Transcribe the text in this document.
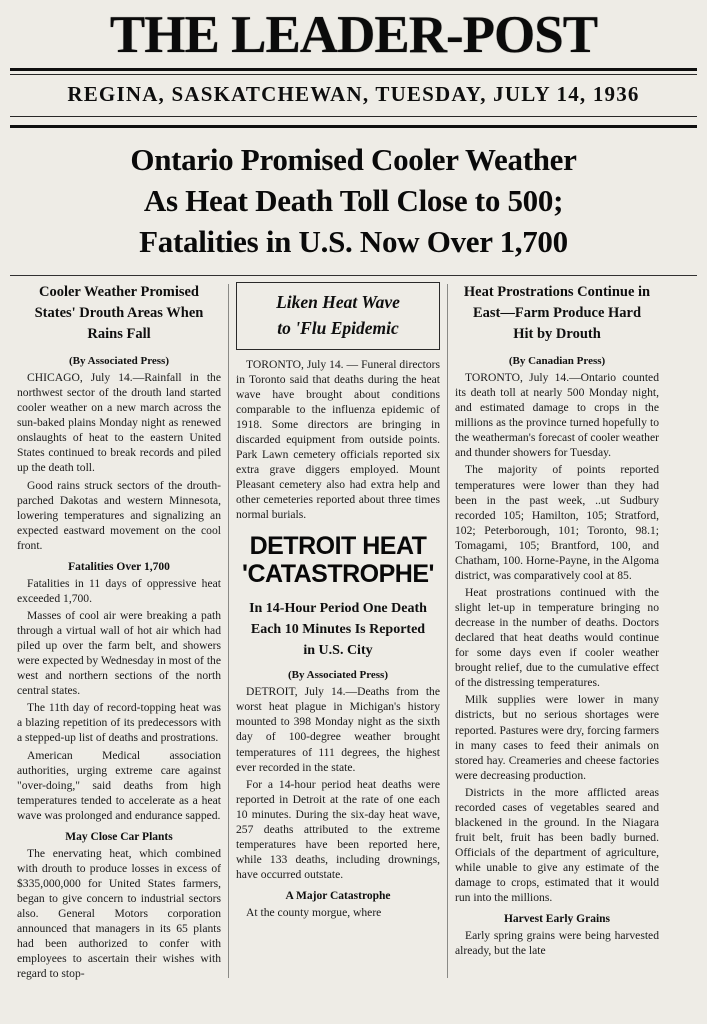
THE LEADER-POST
REGINA, SASKATCHEWAN, TUESDAY, JULY 14, 1936
Ontario Promised Cooler Weather
As Heat Death Toll Close to 500;
Fatalities in U.S. Now Over 1,700
Cooler Weather Promised
States' Drouth Areas When
Rains Fall
(By Associated Press)

CHICAGO, July 14.—Rainfall in the northwest sector of the drouth land started cooler weather on a new march across the sun-baked plains Monday night as renewed onslaughts of heat to the eastern United States continued to break records and piled up the death toll.

Good rains struck sectors of the drouth-parched Dakotas and western Minnesota, lowering temperatures and signalizing an expected eastward movement on the cool front.

Fatalities Over 1,700

Fatalities in 11 days of oppressive heat exceeded 1,700.

Masses of cool air were breaking a path through a virtual wall of hot air which had piled up over the farm belt, and showers were expected by Wednesday in most of the west and northern sections of the north central states.

The 11th day of record-topping heat was a blazing repetition of its predecessors with a stepped-up list of deaths and prostrations.

American Medical association authorities, urging extreme care against "over-doing," said deaths from high temperatures tended to accelerate as a heat wave was prolonged and endurance sapped.

May Close Car Plants

The enervating heat, which combined with drouth to produce losses in excess of $335,000,000 for United States farmers, began to give concern to industrial sectors also. General Motors corporation announced that managers in its 65 plants had been authorized to confer with employees to ascertain their wishes with regard to stop-

Liken Heat Wave
to 'Flu Epidemic

TORONTO, July 14. — Funeral directors in Toronto said that deaths during the heat wave have brought about conditions comparable to the influenza epidemic of 1918. Some directors are bringing in discarded equipment from outside points. Park Lawn cemetery officials reported six extra grave diggers employed. Mount Pleasant cemetery also had extra help and other cemeteries reported about three times normal burials.

DETROIT HEAT
'CATASTROPHE'
In 14-Hour Period One Death
Each 10 Minutes Is Reported
in U.S. City
(By Associated Press)

DETROIT, July 14.—Deaths from the worst heat plague in Michigan's history mounted to 398 Monday night as the sixth day of 100-degree weather brought temperatures of 111 degrees, the highest ever recorded in the state.

For a 14-hour period heat deaths were reported in Detroit at the rate of one each 10 minutes. During the six-day heat wave, 257 deaths attributed to the extreme temperatures have been reported here, while 133 deaths, including drownings, have occurred outstate.

A Major Catastrophe

At the county morgue, where

Heat Prostrations Continue in
East—Farm Produce Hard
Hit by Drouth
(By Canadian Press)

TORONTO, July 14.—Ontario counted its death toll at nearly 500 Monday night, and estimated damage to crops in the millions as the province turned hopefully to the weatherman's forecast of cooler weather and thunder showers for Tuesday.

The majority of points reported temperatures were lower than they had been in the past week, ..ut Sudbury recorded 105; Hamilton, 105; Stratford, 102; Peterborough, 101; Toronto, 98.1; Tomagami, 105; Brantford, 100, and Chatham, 100. Horne-Payne, in the Algoma district, was comparatively cool at 85.

Heat prostrations continued with the slight let-up in temperature bringing no decrease in the number of deaths. Doctors declared that heat deaths would continue for some days even if cooler weather brought relief, due to the cumulative effect of the distressing temperatures.

Milk supplies were lower in many districts, but no serious shortages were reported. Pastures were dry, forcing farmers in many cases to feed their animals on stored hay. Creameries and cheese factories were decreasing production.

Districts in the more afflicted areas recorded cases of vegetables seared and blackened in the ground. In the Niagara fruit belt, fruit has been badly burned. Officials of the department of agriculture, while unable to give any estimate of the damage to crops, estimated that it would run into the millions.

Harvest Early Grains

Early spring grains were being harvested already, but the late
